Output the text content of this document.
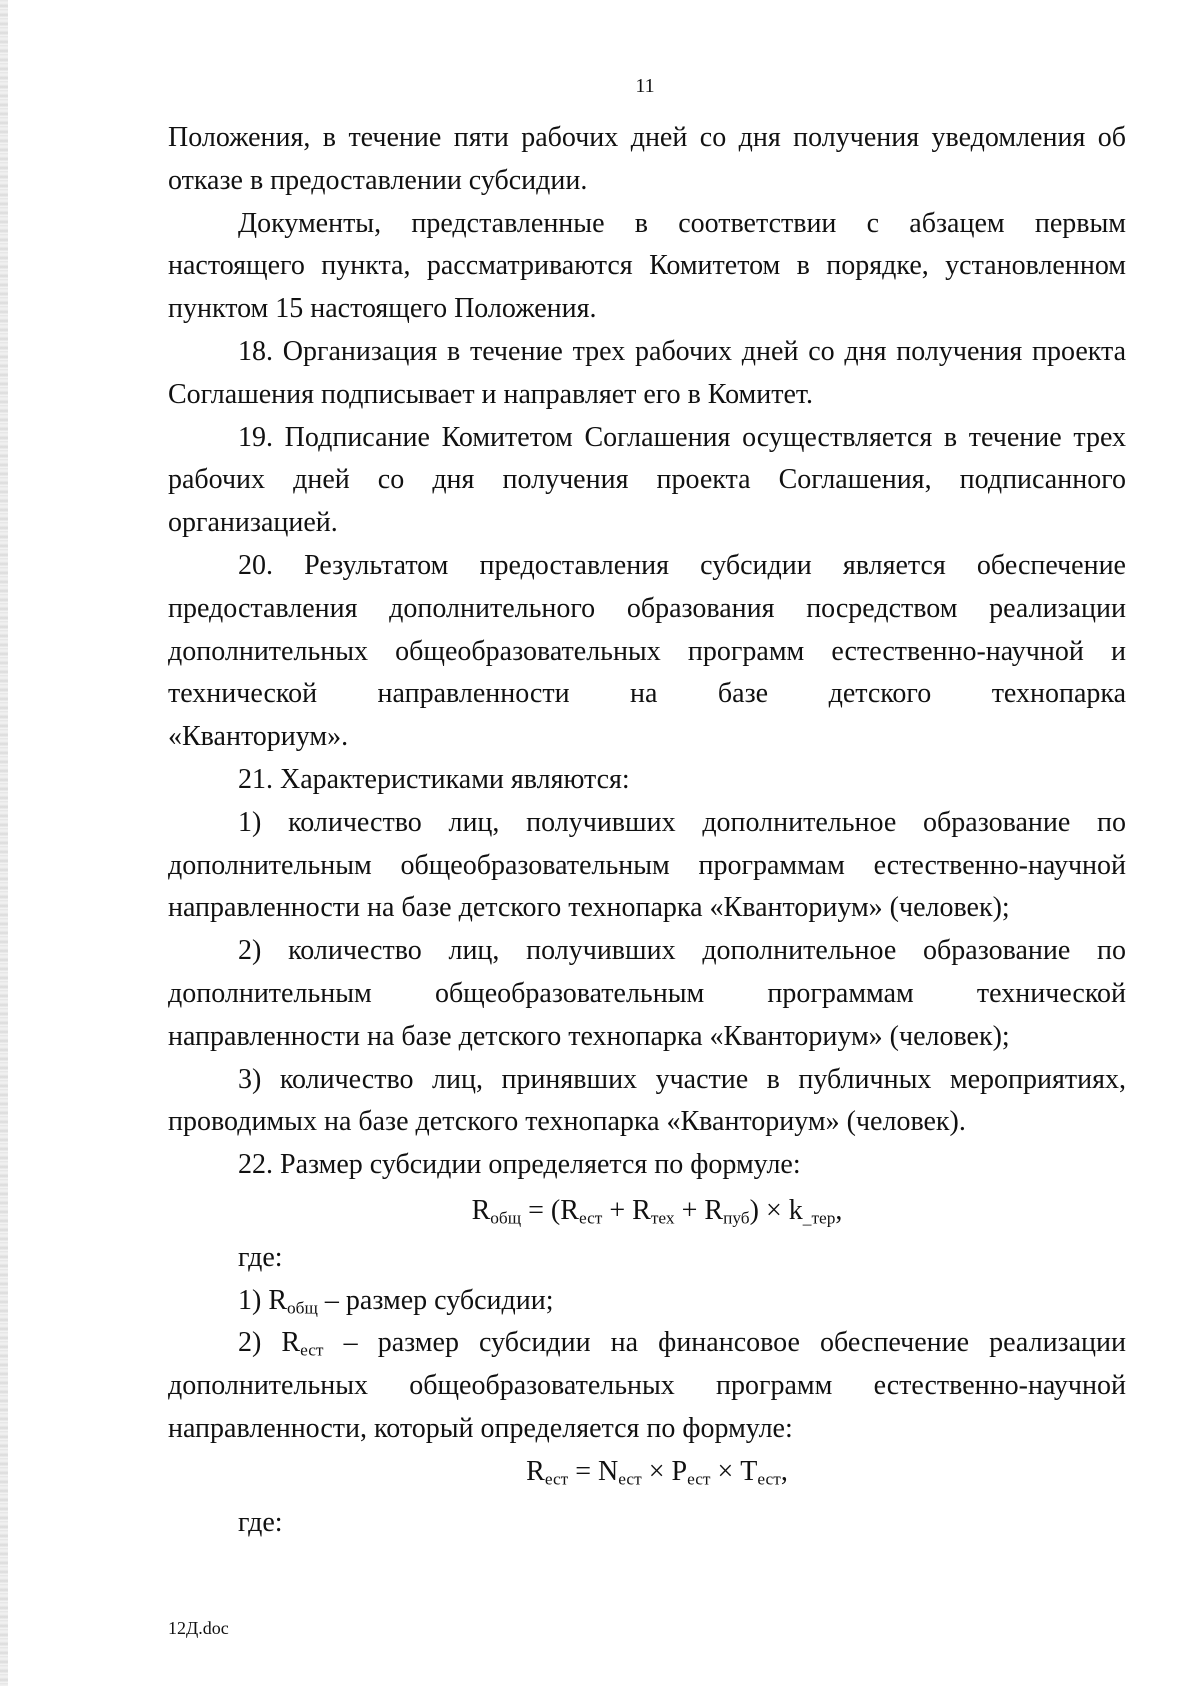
11

Положения, в течение пяти рабочих дней со дня получения уведомления об отказе в предоставлении субсидии.

Документы, представленные в соответствии с абзацем первым настоящего пункта, рассматриваются Комитетом в порядке, установленном пунктом 15 настоящего Положения.

18. Организация в течение трех рабочих дней со дня получения проекта Соглашения подписывает и направляет его в Комитет.

19. Подписание Комитетом Соглашения осуществляется в течение трех рабочих дней со дня получения проекта Соглашения, подписанного организацией.

20. Результатом предоставления субсидии является обеспечение предоставления дополнительного образования посредством реализации дополнительных общеобразовательных программ естественно-научной и технической направленности на базе детского технопарка

«Кванториум».

21. Характеристиками являются:

1) количество лиц, получивших дополнительное образование по дополнительным общеобразовательным программам естественно-научной направленности на базе детского технопарка «Кванториум» (человек);

2) количество лиц, получивших дополнительное образование по дополнительным общеобразовательным программам технической направленности на базе детского технопарка «Кванториум» (человек);

3) количество лиц, принявших участие в публичных мероприятиях, проводимых на базе детского технопарка «Кванториум» (человек).

22. Размер субсидии определяется по формуле:

$R_{общ} = (R_{ест} + R_{тех} + R_{пуб}) \times k_{\_тер}$,

где:

1) $R_{общ}$ – размер субсидии;

2) $R_{ест}$ – размер субсидии на финансовое обеспечение реализации дополнительных общеобразовательных программ естественно-научной направленности, который определяется по формуле:

$R_{ест} = N_{ест} \times P_{ест} \times T_{ест}$,

где:

12Д.doc
